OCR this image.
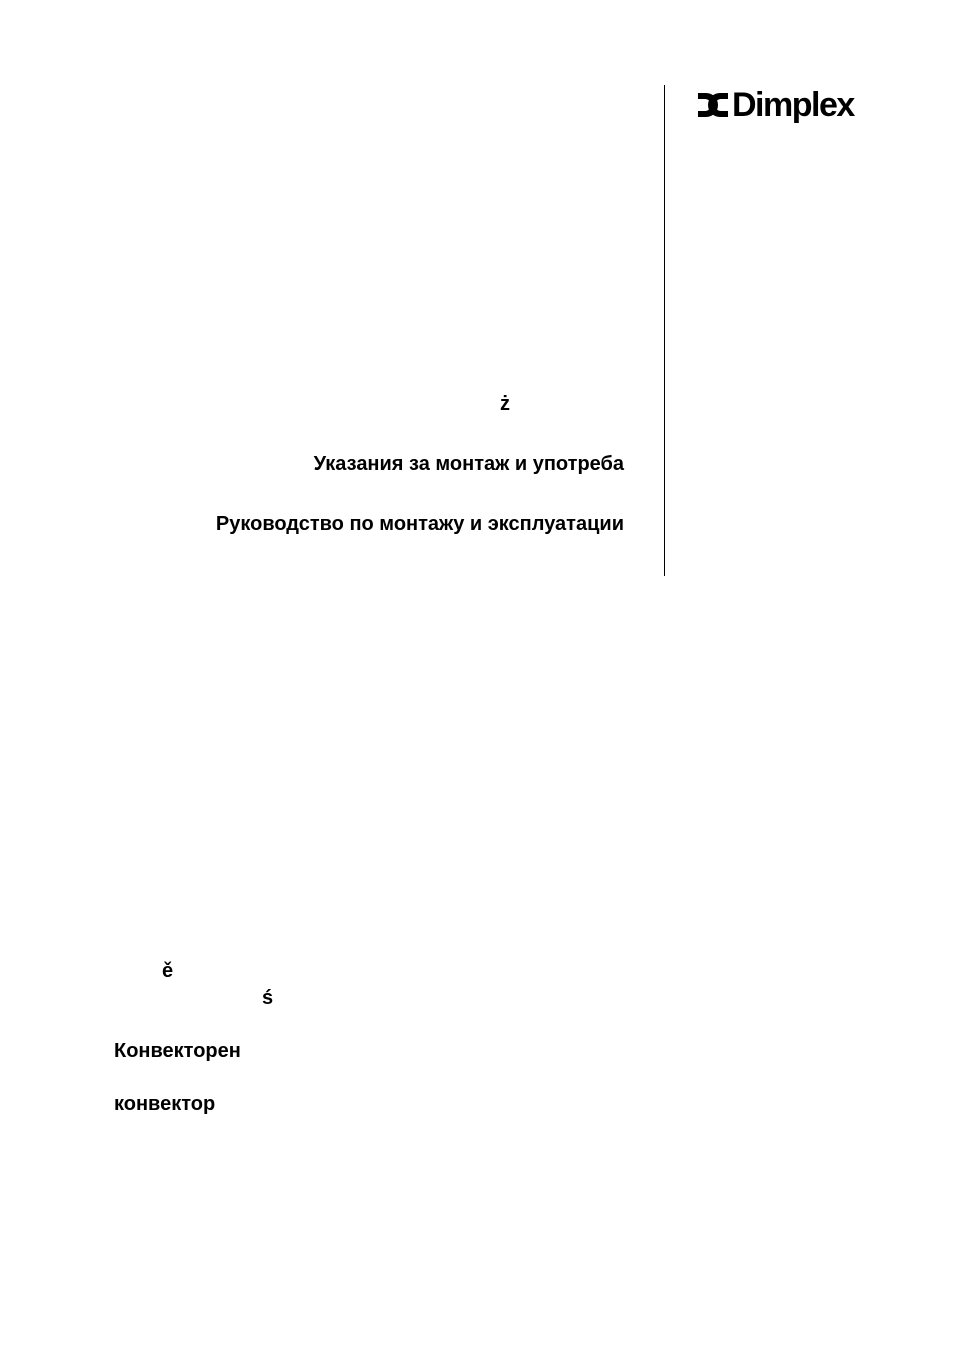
Dimplex
ż
Указания за монтаж и употреба
Руководство по монтажу и эксплуатации
ě
ś
Конвекторен
конвектор
